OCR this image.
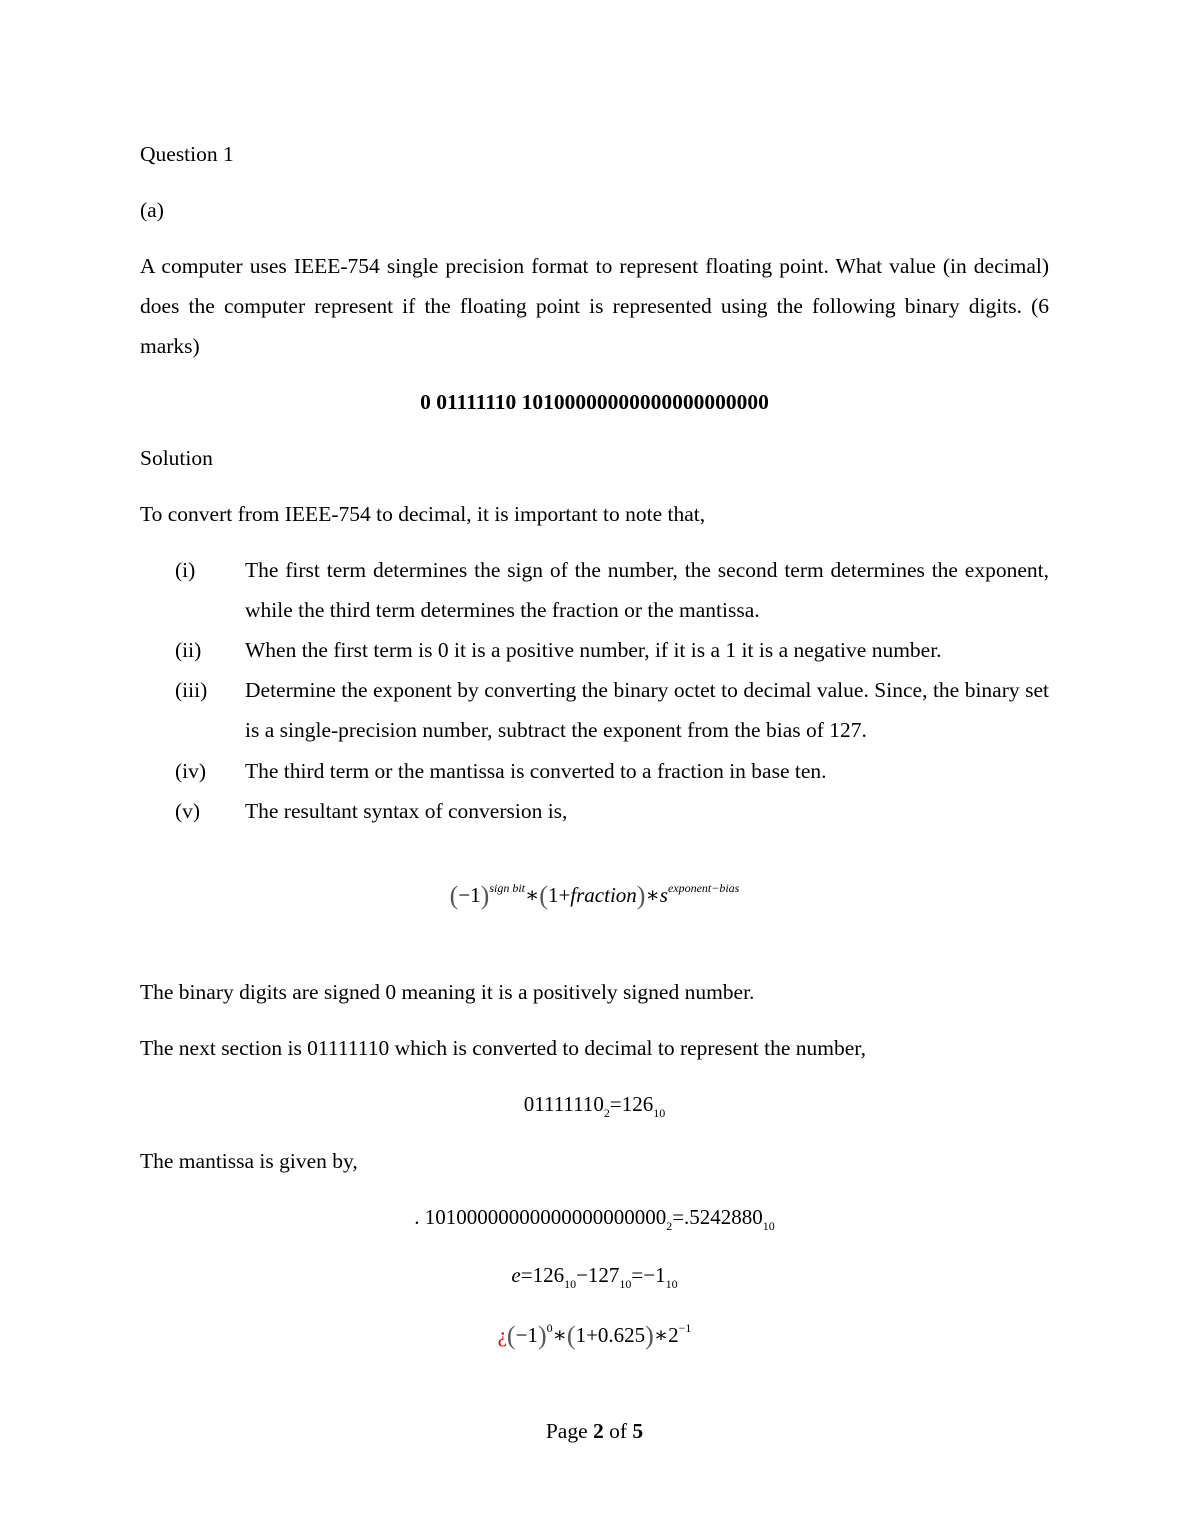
Question 1
(a)
A computer uses IEEE-754 single precision format to represent floating point. What value (in decimal) does the computer represent if the floating point is represented using the following binary digits. (6 marks)
0 01111110 10100000000000000000000
Solution
To convert from IEEE-754 to decimal, it is important to note that,
(i) The first term determines the sign of the number, the second term determines the exponent, while the third term determines the fraction or the mantissa.
(ii) When the first term is 0 it is a positive number, if it is a 1 it is a negative number.
(iii) Determine the exponent by converting the binary octet to decimal value. Since, the binary set is a single-precision number, subtract the exponent from the bias of 127.
(iv) The third term or the mantissa is converted to a fraction in base ten.
(v) The resultant syntax of conversion is,
$(-1)^{sign bit}∗(1+fraction)∗s^{exponent-bias}$
The binary digits are signed 0 meaning it is a positively signed number.
The next section is 01111110 which is converted to decimal to represent the number,
$01111110_2=126_{10}$
The mantissa is given by,
. $10100000000000000000000_2=.5242880_{10}$
$e=126_{10}-127_{10}=-1_{10}$
¿$(-1)^0∗(1+0.625)∗2^{-1}$
Page 2 of 5
